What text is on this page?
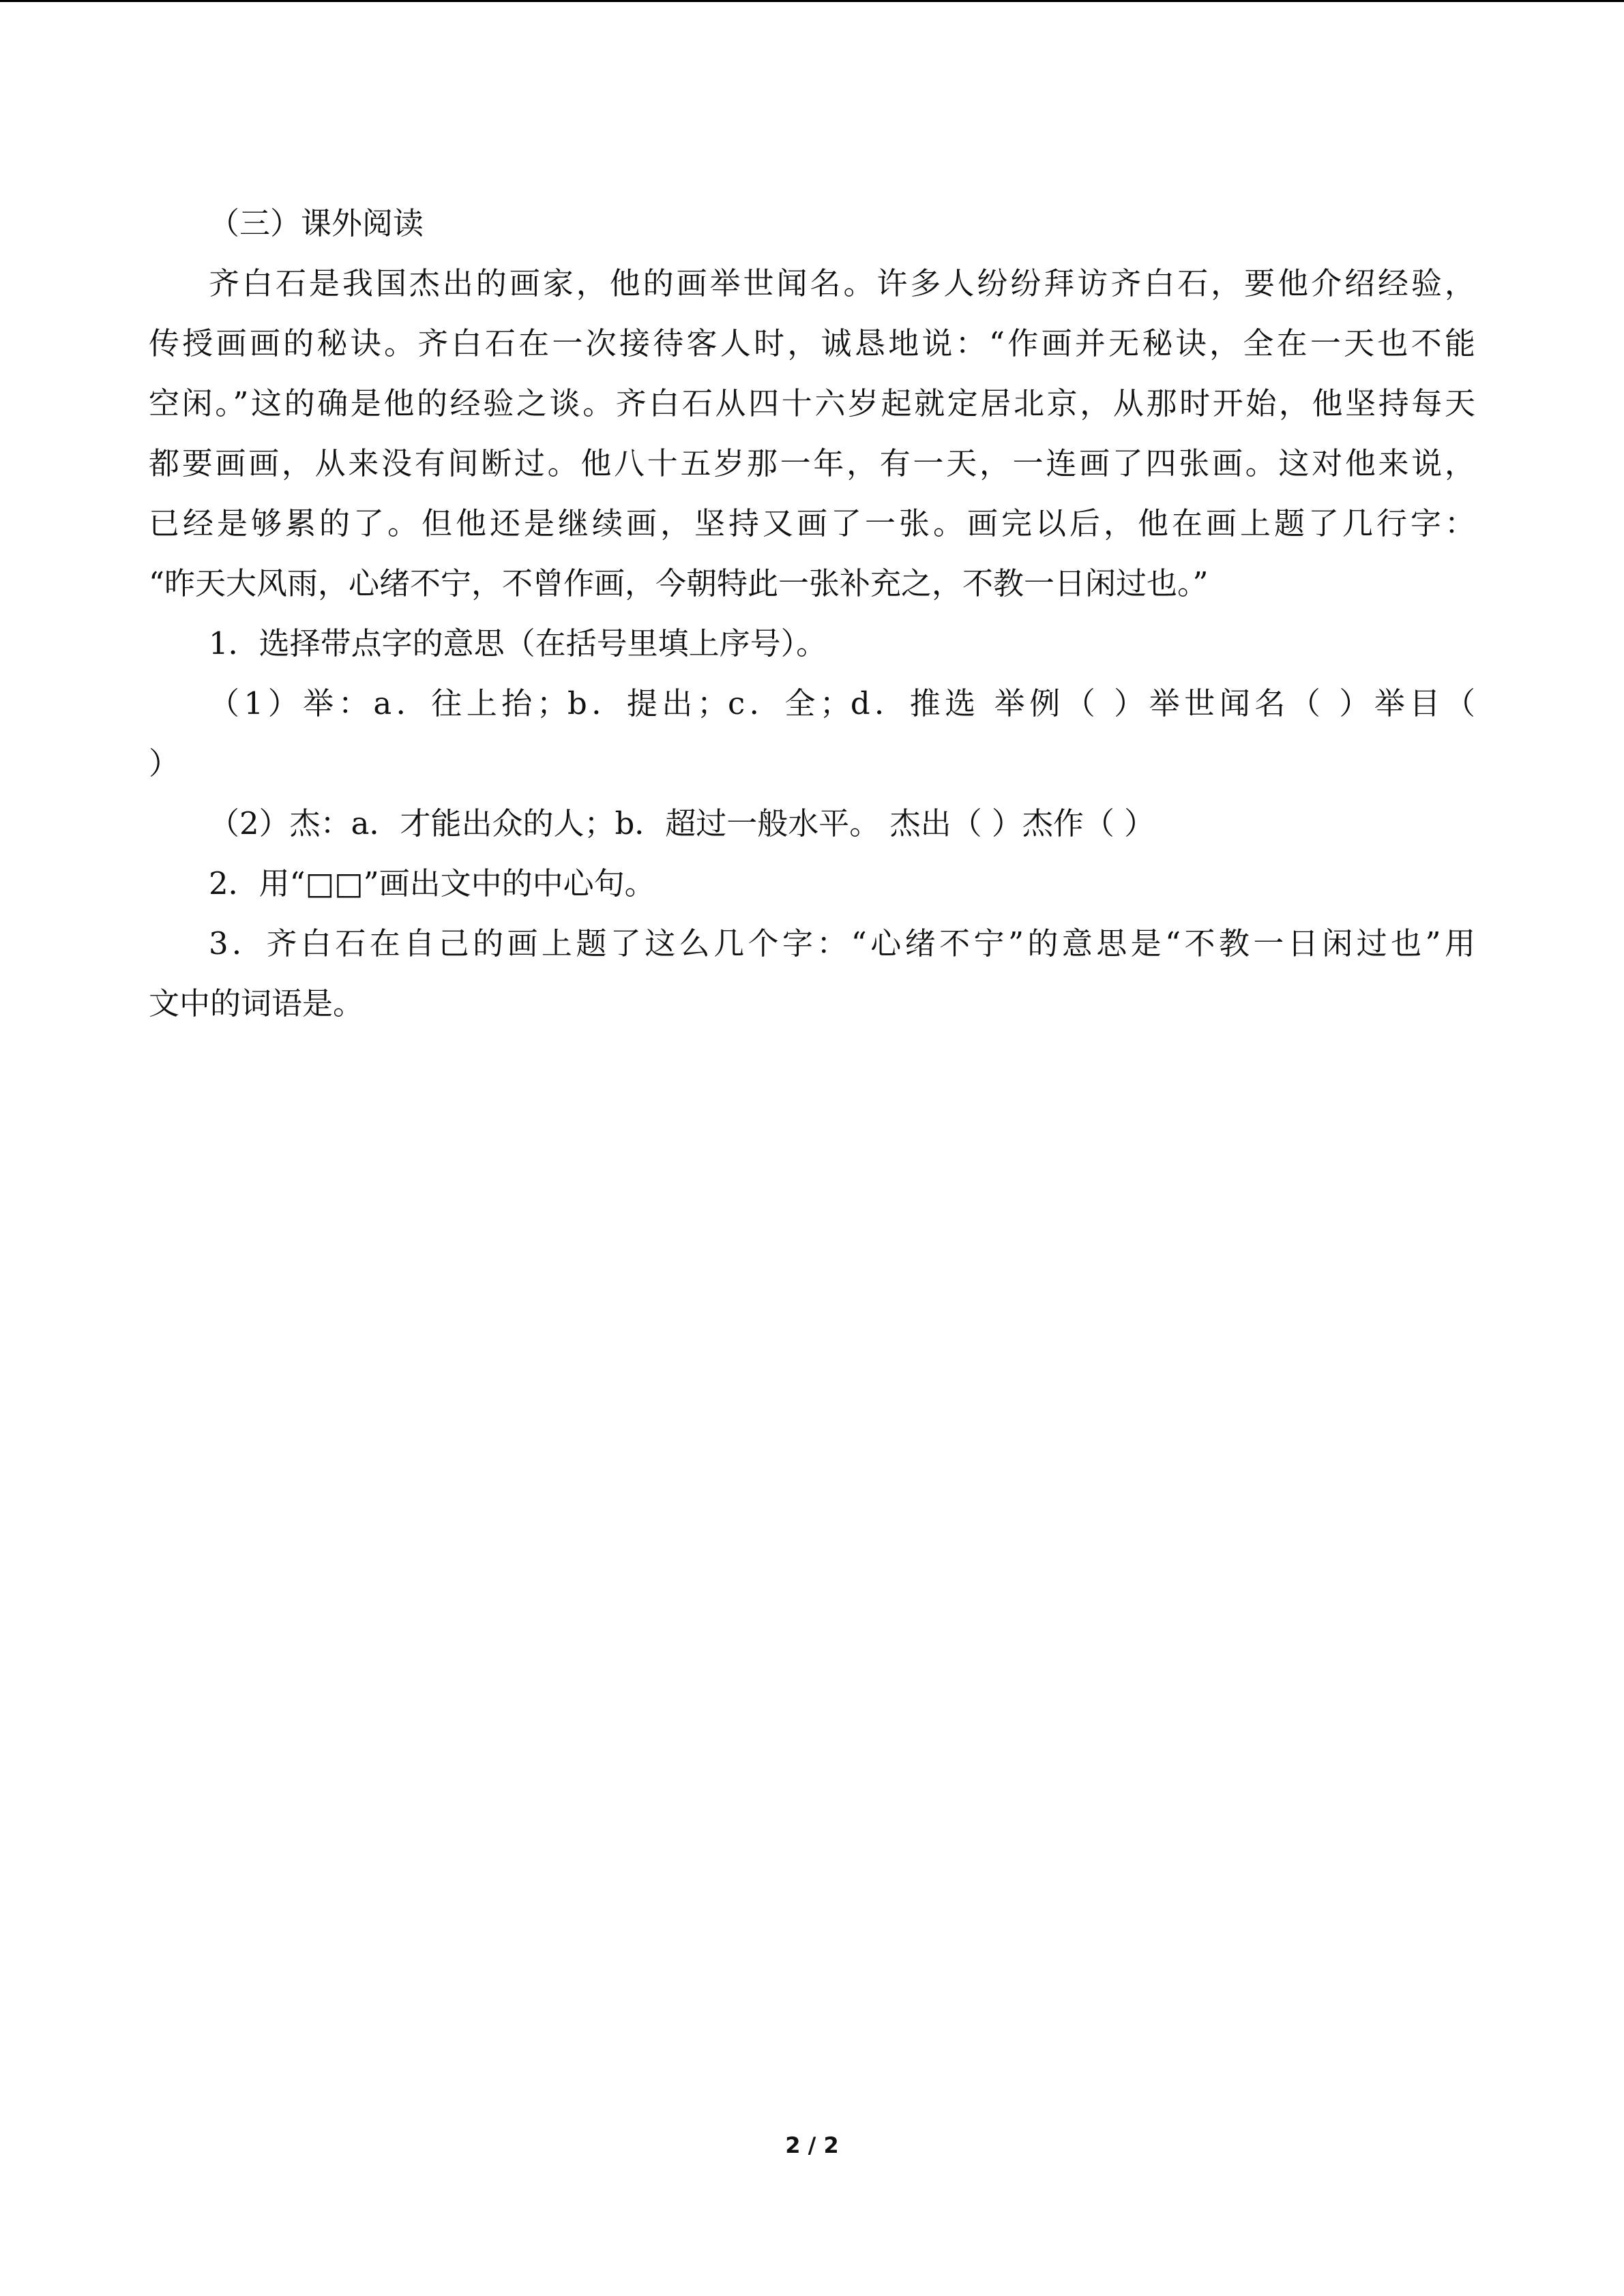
（三）课外阅读
齐白石是我国杰出的画家，他的画举世闻名。许多人纷纷拜访齐白石，要他介绍经验，
传授画画的秘诀。齐白石在一次接待客人时，诚恳地说：“作画并无秘诀，全在一天也不能
空闲。”这的确是他的经验之谈。齐白石从四十六岁起就定居北京，从那时开始，他坚持每天
都要画画，从来没有间断过。他八十五岁那一年，有一天，一连画了四张画。这对他来说，
已经是够累的了。但他还是继续画，坚持又画了一张。画完以后，他在画上题了几行字：
“昨天大风雨，心绪不宁，不曾作画，今朝特此一张补充之，不教一日闲过也。”
1．选择带点字的意思（在括号里填上序号）。
（1）举：a．往上抬；b．提出；c．全；d．推选 举例（ ）举世闻名（ ）举目（
）
（2）杰：a．才能出众的人；b．超过一般水平。 杰出（ ）杰作（ ）
2．用“□□”画出文中的中心句。
3．齐白石在自己的画上题了这么几个字：“心绪不宁”的意思是“不教一日闲过也”用
文中的词语是。
2 / 2
